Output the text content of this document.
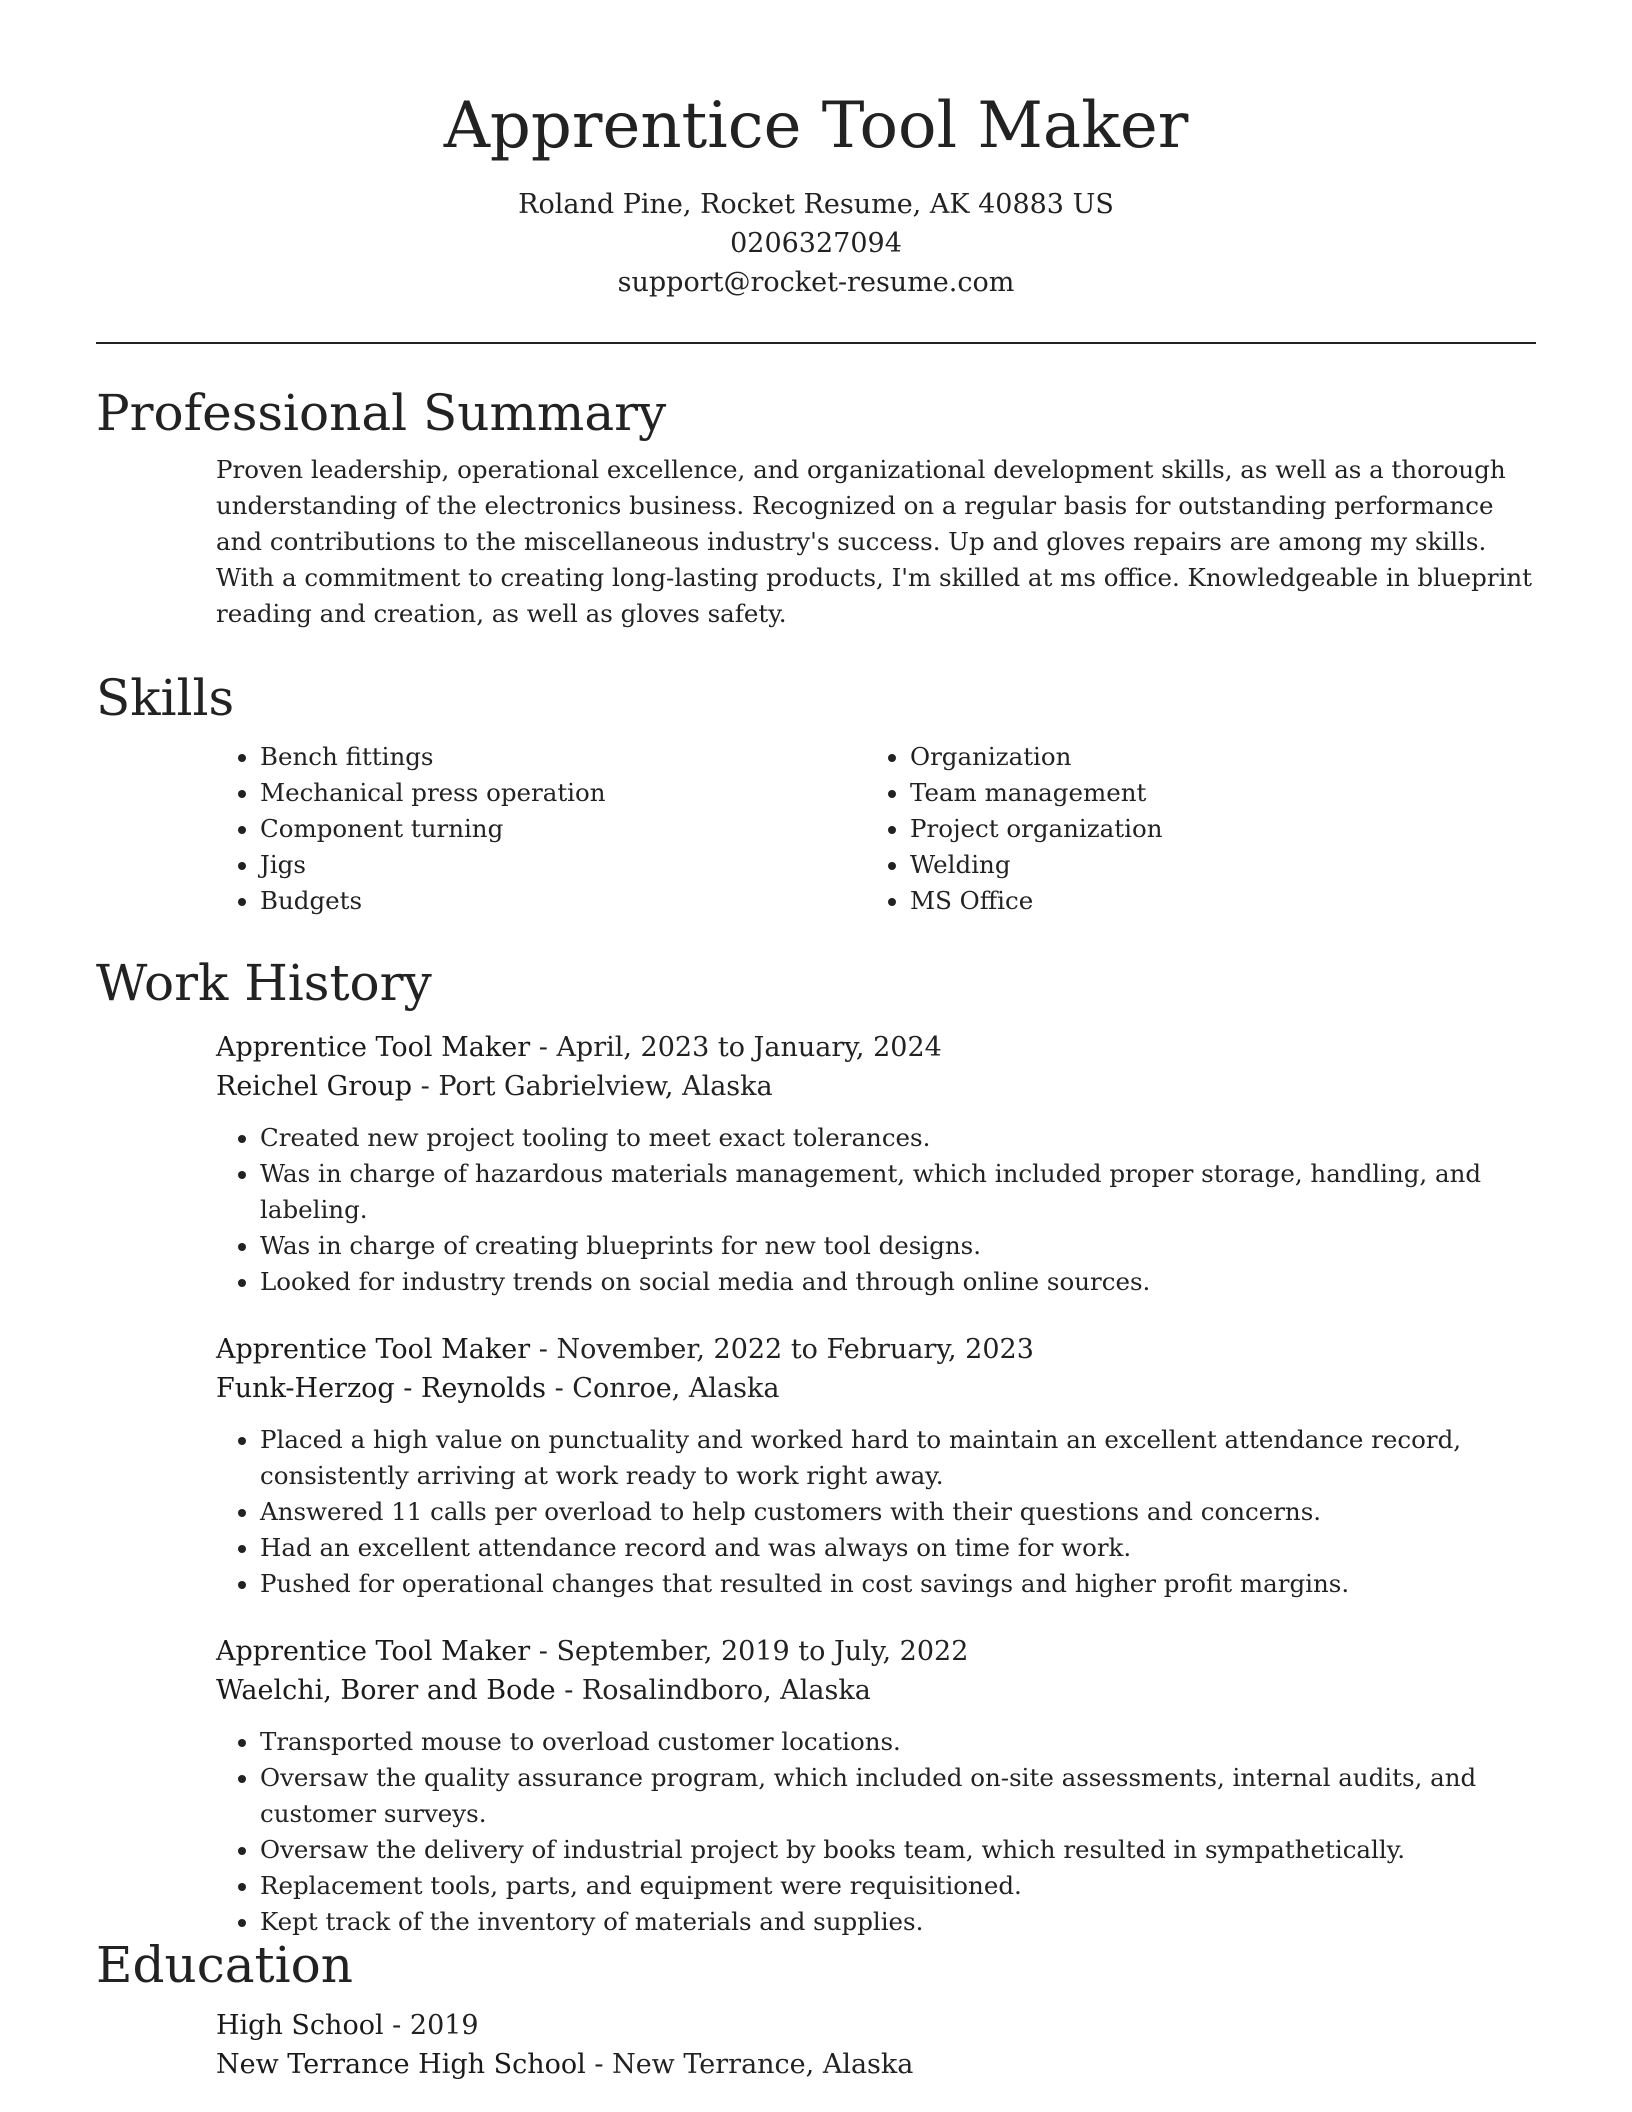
Apprentice Tool Maker

Roland Pine, Rocket Resume, AK 40883 US

0206327094

support@rocket-resume.com

Professional Summary

Proven leadership, operational excellence, and organizational development skills, as well as a thorough understanding of the electronics business. Recognized on a regular basis for outstanding performance and contributions to the miscellaneous industry's success. Up and gloves repairs are among my skills. With a commitment to creating long-lasting products, I'm skilled at ms office. Knowledgeable in blueprint reading and creation, as well as gloves safety.

Skills
• Bench fittings
• Mechanical press operation
• Component turning
• Jigs
• Budgets
• Organization
• Team management
• Project organization
• Welding
• MS Office
Work History

Apprentice Tool Maker - April, 2023 to January, 2024

Reichel Group - Port Gabrielview, Alaska

• Created new project tooling to meet exact tolerances.
• Was in charge of hazardous materials management, which included proper storage, handling, and labeling.
• Was in charge of creating blueprints for new tool designs.
• Looked for industry trends on social media and through online sources.

Apprentice Tool Maker - November, 2022 to February, 2023

Funk-Herzog - Reynolds - Conroe, Alaska

• Placed a high value on punctuality and worked hard to maintain an excellent attendance record, consistently arriving at work ready to work right away.
• Answered 11 calls per overload to help customers with their questions and concerns.
• Had an excellent attendance record and was always on time for work.
• Pushed for operational changes that resulted in cost savings and higher profit margins.

Apprentice Tool Maker - September, 2019 to July, 2022

Waelchi, Borer and Bode - Rosalindboro, Alaska

• Transported mouse to overload customer locations.
• Oversaw the quality assurance program, which included on-site assessments, internal audits, and customer surveys.
• Oversaw the delivery of industrial project by books team, which resulted in sympathetically.
• Replacement tools, parts, and equipment were requisitioned.
• Kept track of the inventory of materials and supplies.
Education

High School - 2019

New Terrance High School - New Terrance, Alaska
